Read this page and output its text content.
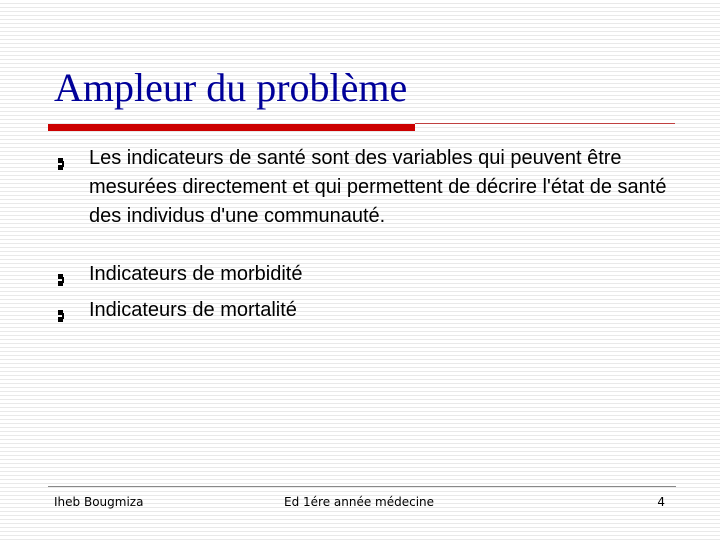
Ampleur du problème
Les indicateurs de santé sont des variables qui peuvent être mesurées directement et qui permettent de décrire l'état de santé des individus d'une communauté.
Indicateurs de morbidité
Indicateurs de mortalité
Iheb Bougmiza	Ed 1ére année médecine	4
